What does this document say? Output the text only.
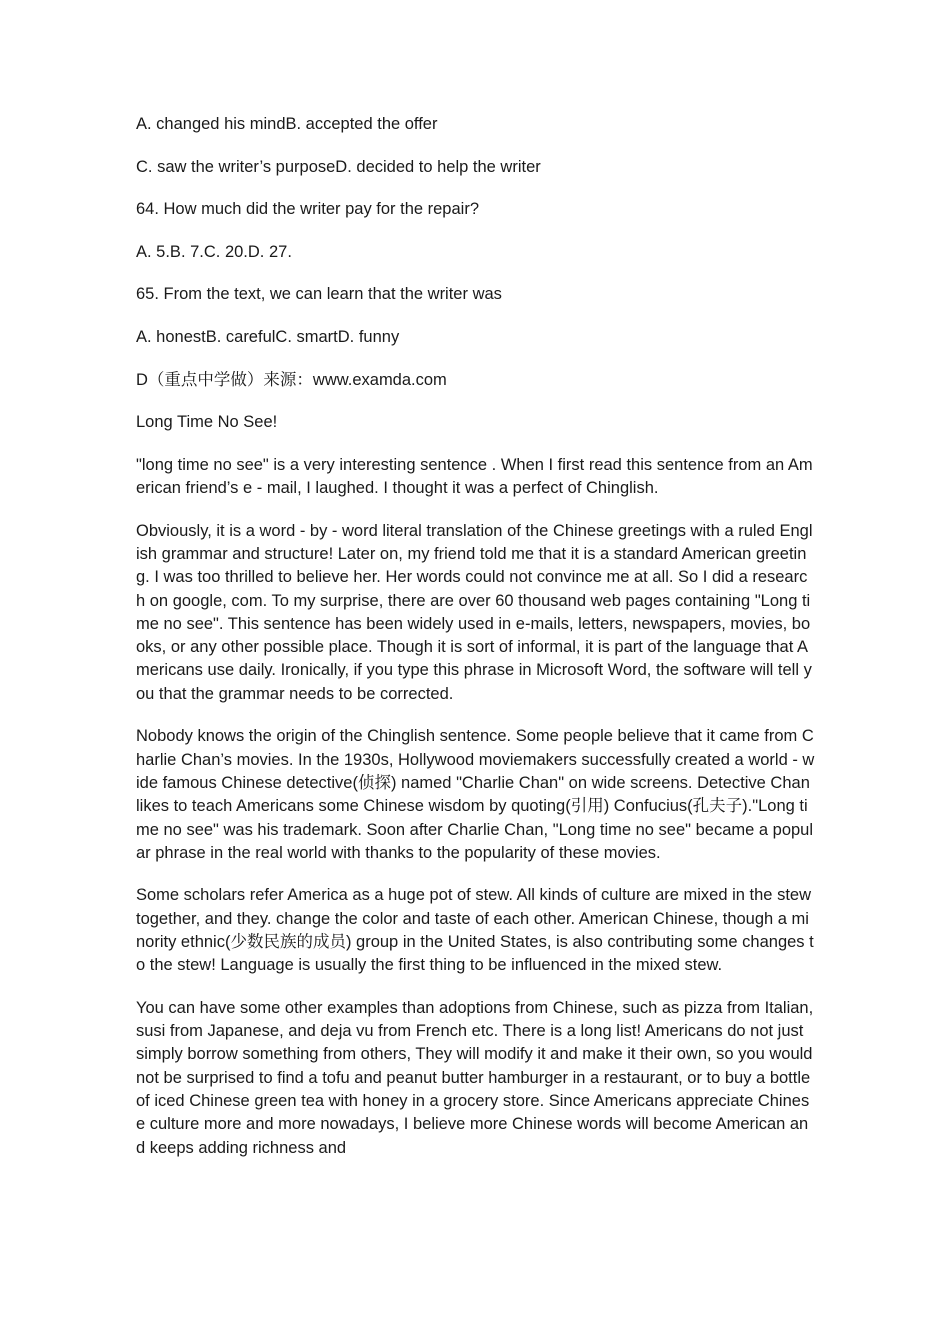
A. changed his mindB. accepted the offer

C. saw the writer’s purposeD. decided to help the writer

64. How much did the writer pay for the repair?

A. 5.B. 7.C. 20.D. 27.

65. From the text, we can learn that the writer was

A. honestB. carefulC. smartD. funny

D（重点中学做）来源：www.examda.com

Long Time No See!

"long time no see" is a very interesting sentence . When I first read this sentence from an American friend’s e - mail, I laughed. I thought it was a perfect of Chinglish.

Obviously, it is a word - by - word literal translation of the Chinese greetings with a ruled English grammar and structure! Later on, my friend told me that it is a standard American greeting. I was too thrilled to believe her. Her words could not convince me at all. So I did a research on google, com. To my surprise, there are over 60 thousand web pages containing "Long time no see". This sentence has been widely used in e-mails, letters, newspapers, movies, books, or any other possible place. Though it is sort of informal, it is part of the language that Americans use daily. Ironically, if you type this phrase in Microsoft Word, the software will tell you that the grammar needs to be corrected.

Nobody knows the origin of the Chinglish sentence. Some people believe that it came from Charlie Chan’s movies. In the 1930s, Hollywood moviemakers successfully created a world - wide famous Chinese detective(侦探) named "Charlie Chan" on wide screens. Detective Chan likes to teach Americans some Chinese wisdom by quoting(引用) Confucius(孔夫子)."Long time no see" was his trademark. Soon after Charlie Chan, "Long time no see" became a popular phrase in the real world with thanks to the popularity of these movies.

Some scholars refer America as a huge pot of stew. All kinds of culture are mixed in the stew together, and they. change the color and taste of each other. American Chinese, though a minority ethnic(少数民族的成员) group in the United States, is also contributing some changes to the stew! Language is usually the first thing to be influenced in the mixed stew.

You can have some other examples than adoptions from Chinese, such as pizza from Italian, susi from Japanese, and deja vu from French etc. There is a long list! Americans do not just simply borrow something from others, They will modify it and make it their own, so you would not be surprised to find a tofu and peanut butter hamburger in a restaurant, or to buy a bottle of iced Chinese green tea with honey in a grocery store. Since Americans appreciate Chinese culture more and more nowadays, I believe more Chinese words will become American and keeps adding richness and
